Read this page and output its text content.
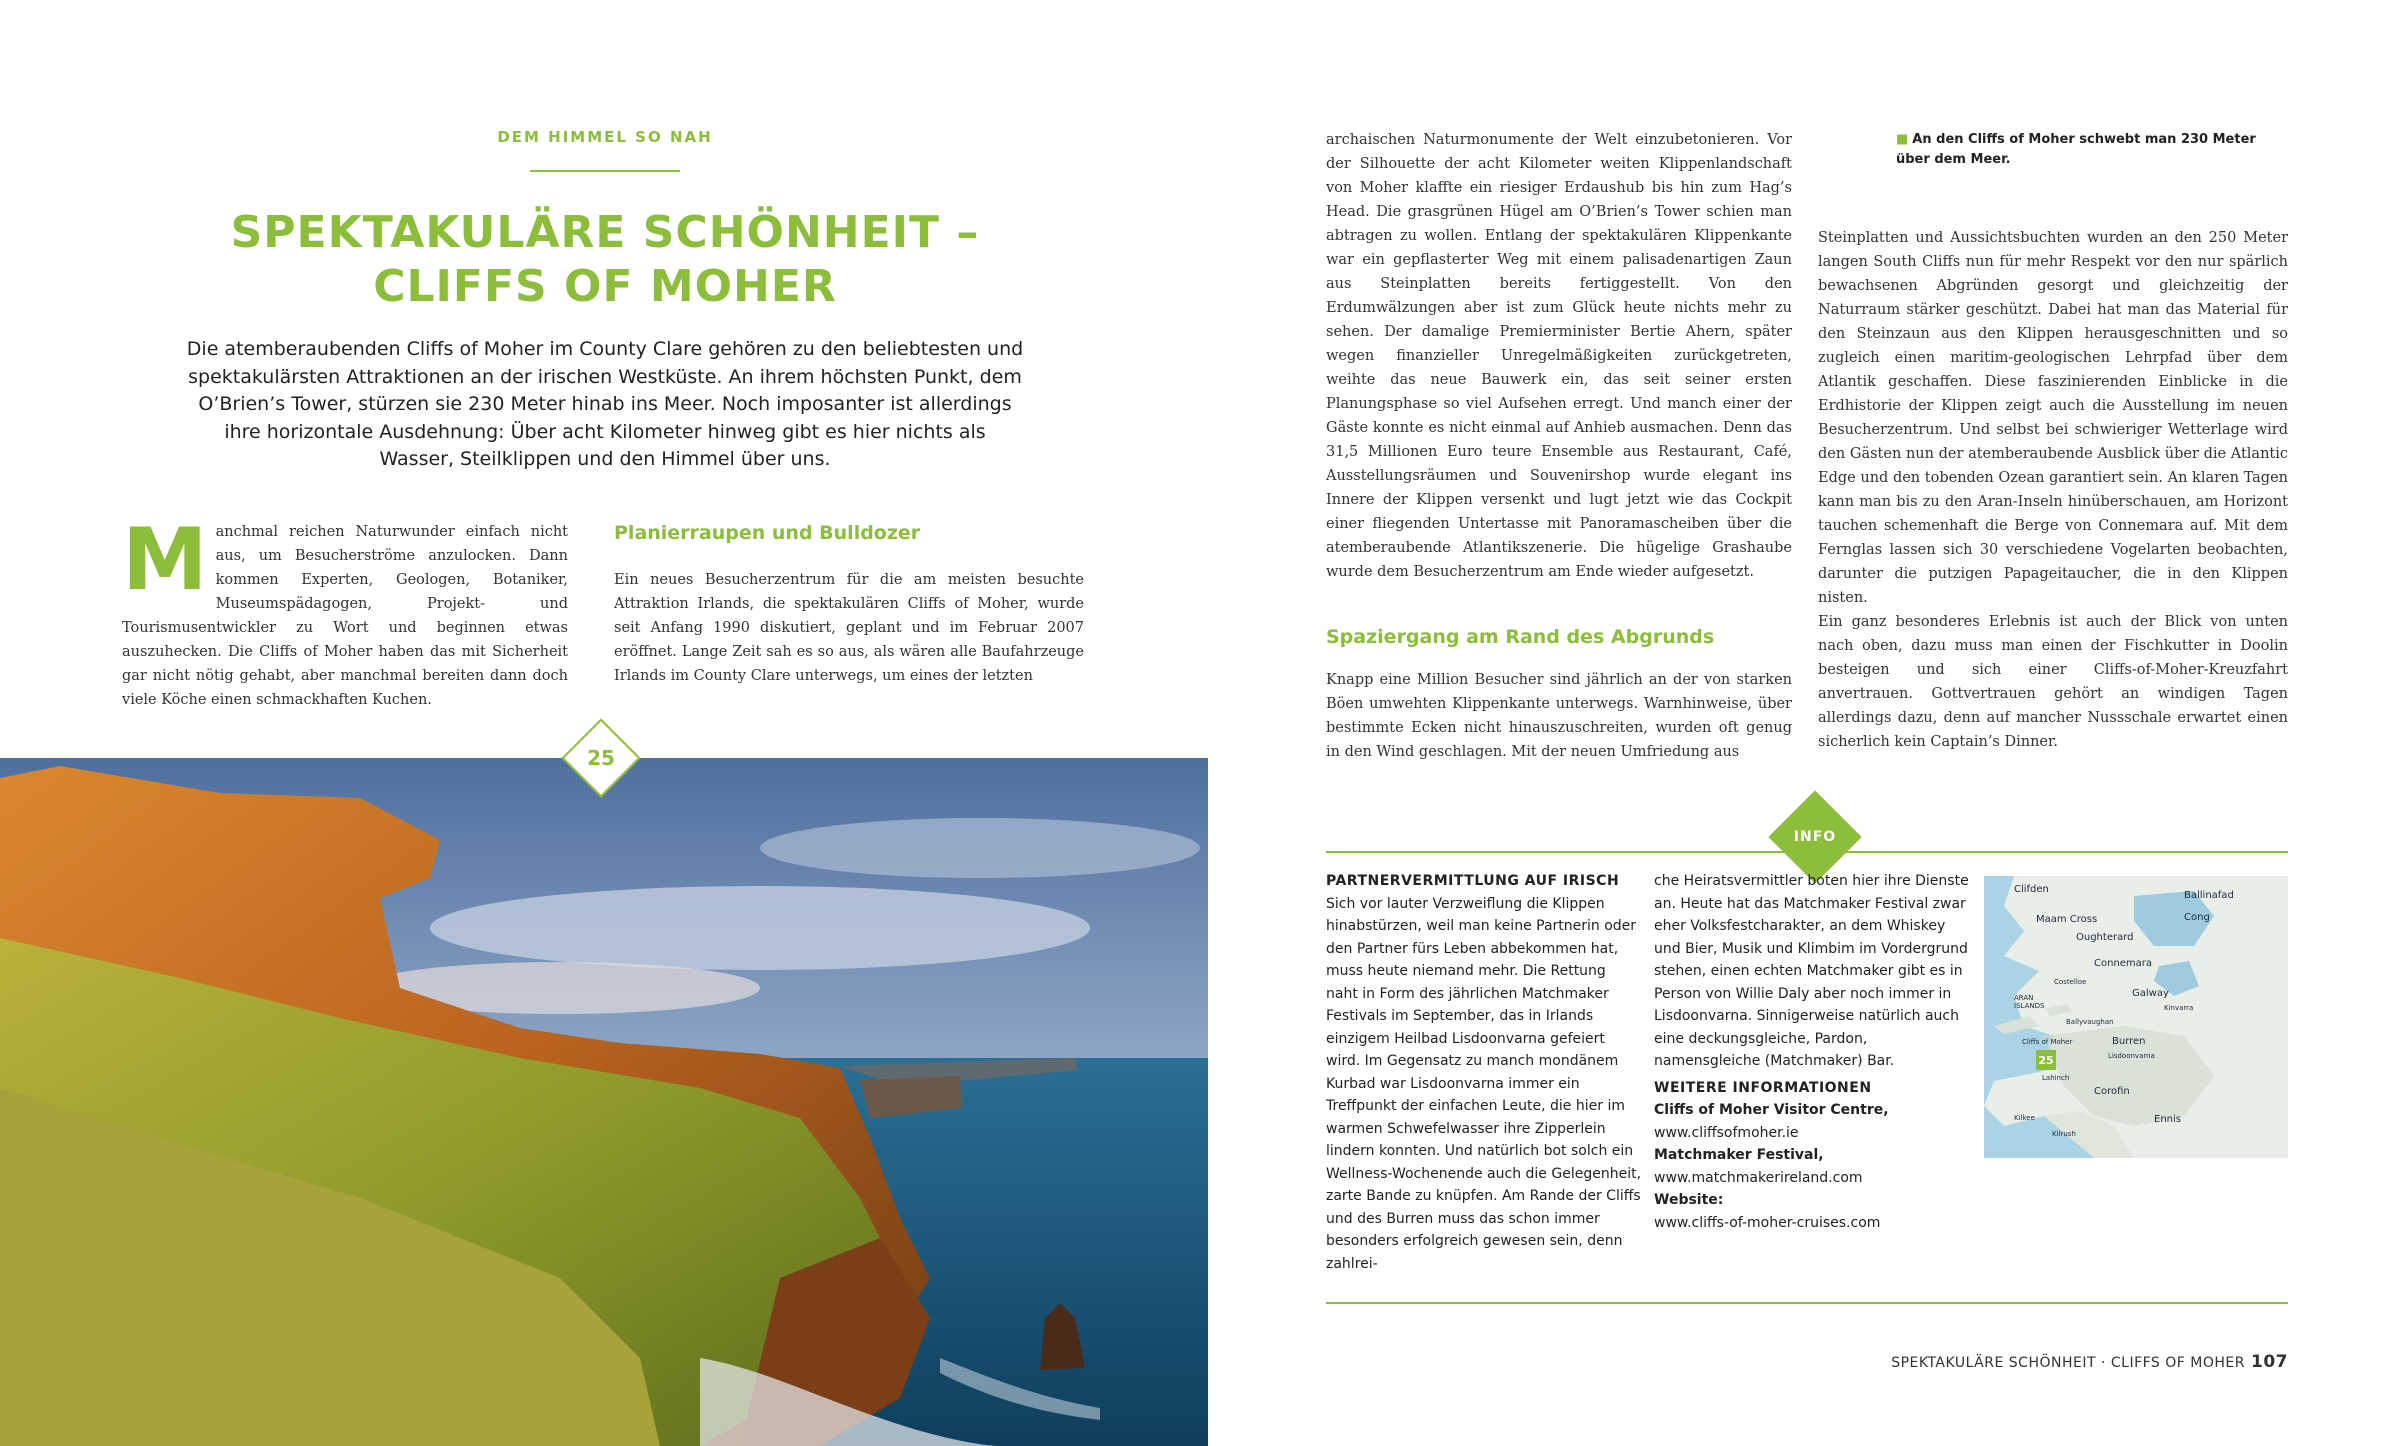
DEM HIMMEL SO NAH
SPEKTAKULÄRE SCHÖNHEIT –
CLIFFS OF MOHER
Die atemberaubenden Cliffs of Moher im County Clare gehören zu den beliebtesten und spektakulärsten Attraktionen an der irischen Westküste. An ihrem höchsten Punkt, dem O’Brien’s Tower, stürzen sie 230 Meter hinab ins Meer. Noch imposanter ist allerdings ihre horizontale Ausdehnung: Über acht Kilometer hinweg gibt es hier nichts als Wasser, Steilklippen und den Himmel über uns.
Manchmal reichen Naturwunder einfach nicht aus, um Besucherströme anzulocken. Dann kommen Experten, Geologen, Botaniker, Museumspädagogen, Projekt- und Tourismusentwickler zu Wort und beginnen etwas auszuhecken. Die Cliffs of Moher haben das mit Sicherheit gar nicht nötig gehabt, aber manchmal bereiten dann doch viele Köche einen schmackhaften Kuchen.
Planierraupen und Bulldozer
Ein neues Besucherzentrum für die am meisten besuchte Attraktion Irlands, die spektakulären Cliffs of Moher, wurde seit Anfang 1990 diskutiert, geplant und im Februar 2007 eröffnet. Lange Zeit sah es so aus, als wären alle Baufahrzeuge Irlands im County Clare unterwegs, um eines der letzten
25
archaischen Naturmonumente der Welt einzubetonieren. Vor der Silhouette der acht Kilometer weiten Klippenlandschaft von Moher klaffte ein riesiger Erdaushub bis hin zum Hag’s Head. Die grasgrünen Hügel am O’Brien’s Tower schien man abtragen zu wollen. Entlang der spektakulären Klippenkante war ein gepflasterter Weg mit einem palisadenartigen Zaun aus Steinplatten bereits fertiggestellt. Von den Erdumwälzungen aber ist zum Glück heute nichts mehr zu sehen. Der damalige Premierminister Bertie Ahern, später wegen finanzieller Unregelmäßigkeiten zurückgetreten, weihte das neue Bauwerk ein, das seit seiner ersten Planungsphase so viel Aufsehen erregt. Und manch einer der Gäste konnte es nicht einmal auf Anhieb ausmachen. Denn das 31,5 Millionen Euro teure Ensemble aus Restaurant, Café, Ausstellungsräumen und Souvenirshop wurde elegant ins Innere der Klippen versenkt und lugt jetzt wie das Cockpit einer fliegenden Untertasse mit Panoramascheiben über die atemberaubende Atlantikszenerie. Die hügelige Grashaube wurde dem Besucherzentrum am Ende wieder aufgesetzt.
Spaziergang am Rand des Abgrunds
Knapp eine Million Besucher sind jährlich an der von starken Böen umwehten Klippenkante unterwegs. Warnhinweise, über bestimmte Ecken nicht hinauszuschreiten, wurden oft genug in den Wind geschlagen. Mit der neuen Umfriedung aus
■ An den Cliffs of Moher schwebt man 230 Meter über dem Meer.
Steinplatten und Aussichtsbuchten wurden an den 250 Meter langen South Cliffs nun für mehr Respekt vor den nur spärlich bewachsenen Abgründen gesorgt und gleichzeitig der Naturraum stärker geschützt. Dabei hat man das Material für den Steinzaun aus den Klippen herausgeschnitten und so zugleich einen maritim-geologischen Lehrpfad über dem Atlantik geschaffen. Diese faszinierenden Einblicke in die Erdhistorie der Klippen zeigt auch die Ausstellung im neuen Besucherzentrum. Und selbst bei schwieriger Wetterlage wird den Gästen nun der atemberaubende Ausblick über die Atlantic Edge und den tobenden Ozean garantiert sein. An klaren Tagen kann man bis zu den Aran-Inseln hinüberschauen, am Horizont tauchen schemenhaft die Berge von Connemara auf. Mit dem Fernglas lassen sich 30 verschiedene Vogelarten beobachten, darunter die putzigen Papageitaucher, die in den Klippen nisten.
Ein ganz besonderes Erlebnis ist auch der Blick von unten nach oben, dazu muss man einen der Fischkutter in Doolin besteigen und sich einer Cliffs-of-Moher-Kreuzfahrt anvertrauen. Gottvertrauen gehört an windigen Tagen allerdings dazu, denn auf mancher Nussschale erwartet einen sicherlich kein Captain’s Dinner.
INFO
PARTNERVERMITTLUNG AUF IRISCH
Sich vor lauter Verzweiflung die Klippen hinabstürzen, weil man keine Partnerin oder den Partner fürs Leben abbekommen hat, muss heute niemand mehr. Die Rettung naht in Form des jährlichen Matchmaker Festivals im September, das in Irlands einzigem Heilbad Lisdoonvarna gefeiert wird. Im Gegensatz zu manch mondänem Kurbad war Lisdoonvarna immer ein Treffpunkt der einfachen Leute, die hier im warmen Schwefelwasser ihre Zipperlein lindern konnten. Und natürlich bot solch ein Wellness-Wochenende auch die Gelegenheit, zarte Bande zu knüpfen. Am Rande der Cliffs und des Burren muss das schon immer besonders erfolgreich gewesen sein, denn zahlrei-
che Heiratsvermittler boten hier ihre Dienste an. Heute hat das Matchmaker Festival zwar eher Volksfestcharakter, an dem Whiskey und Bier, Musik und Klimbim im Vordergrund stehen, einen echten Matchmaker gibt es in Person von Willie Daly aber noch immer in Lisdoonvarna. Sinnigerweise natürlich auch eine deckungsgleiche, Pardon, namensgleiche (Matchmaker) Bar.
WEITERE INFORMATIONEN
Cliffs of Moher Visitor Centre,
www.cliffsofmoher.ie
Matchmaker Festival,
www.matchmakerireland.com
Website:
www.cliffs-of-moher-cruises.com
Clifden
Ballinafad
Maam Cross	Cong
Oughterard
Connemara
Costelloe
Galway
Kinvarra
ARAN ISLANDS
Ballyvaughan
Cliffs of Moher	Burren
Lisdoonvarna
25
Lahinch
Corofin
Kilkee
Kilrush
Ennis
SPEKTAKULÄRE SCHÖNHEIT · CLIFFS OF MOHER 107
